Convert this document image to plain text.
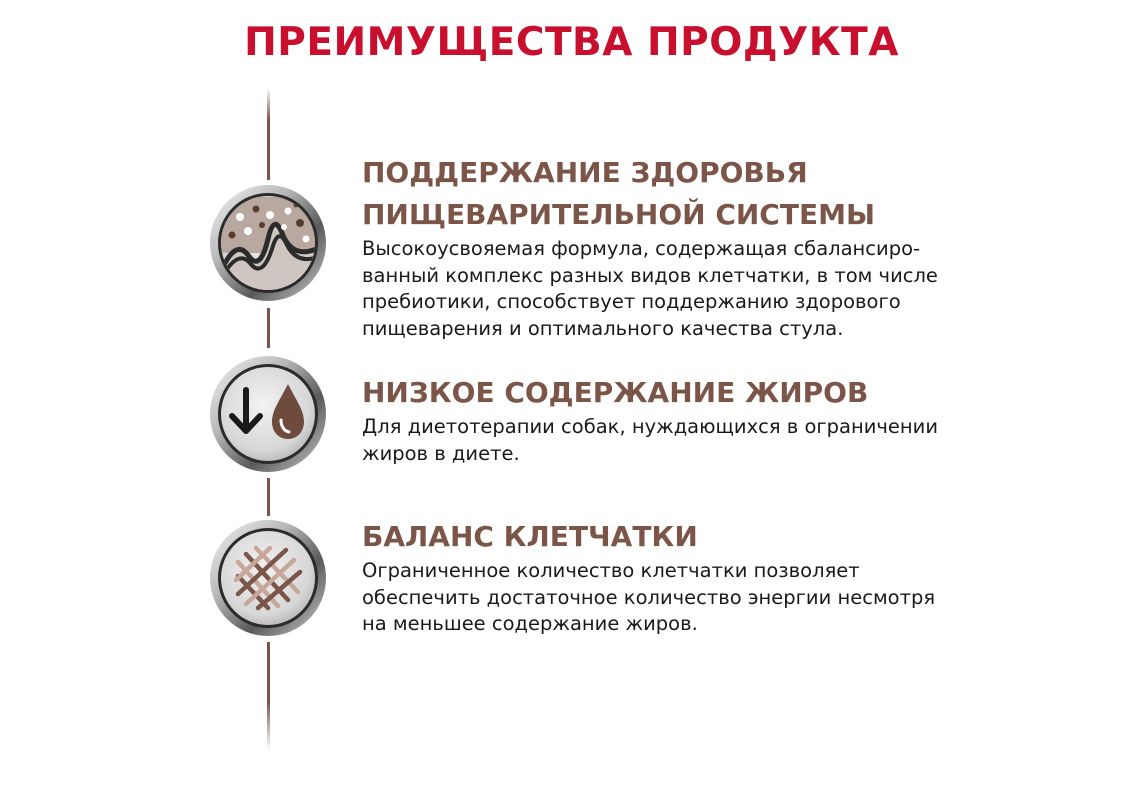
ПРЕИМУЩЕСТВА ПРОДУКТА
ПОДДЕРЖАНИЕ ЗДОРОВЬЯ
ПИЩЕВАРИТЕЛЬНОЙ СИСТЕМЫ

Высокоусвояемая формула, содержащая сбалансиро-

ванный комплекс разных видов клетчатки, в том числе

пребиотики, способствует поддержанию здорового

пищеварения и оптимального качества стула.

НИЗКОЕ СОДЕРЖАНИЕ ЖИРОВ

Для диетотерапии собак, нуждающихся в ограничении

жиров в диете.

БАЛАНС КЛЕТЧАТКИ

Ограниченное количество клетчатки позволяет

обеспечить достаточное количество энергии несмотря

на меньшее содержание жиров.
